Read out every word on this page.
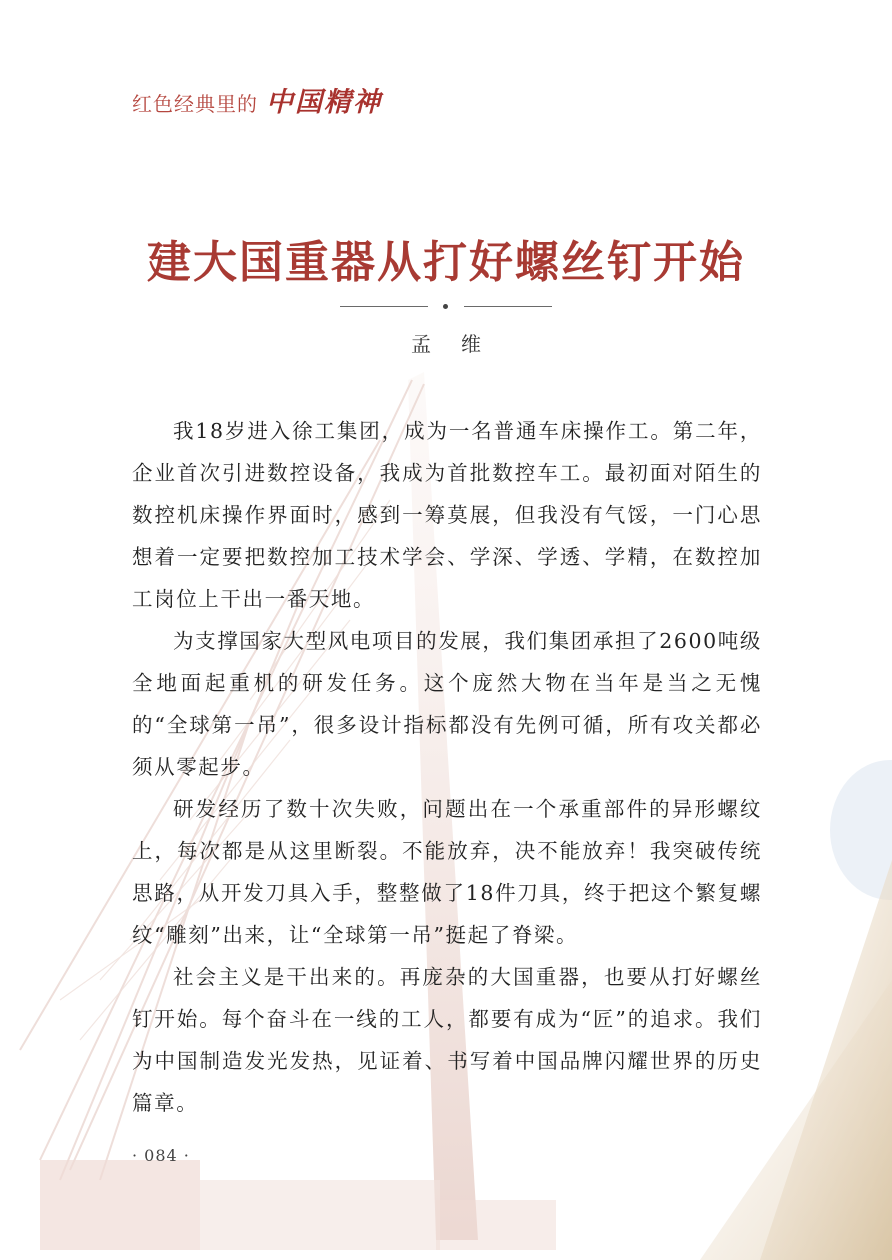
红色经典里的 中国精神
建大国重器从打好螺丝钉开始
孟维

我18岁进入徐工集团，成为一名普通车床操作工。第二年，企业首次引进数控设备，我成为首批数控车工。最初面对陌生的数控机床操作界面时，感到一筹莫展，但我没有气馁，一门心思想着一定要把数控加工技术学会、学深、学透、学精，在数控加工岗位上干出一番天地。

为支撑国家大型风电项目的发展，我们集团承担了2600吨级全地面起重机的研发任务。这个庞然大物在当年是当之无愧的“全球第一吊”，很多设计指标都没有先例可循，所有攻关都必须从零起步。

研发经历了数十次失败，问题出在一个承重部件的异形螺纹上，每次都是从这里断裂。不能放弃，决不能放弃！我突破传统思路，从开发刀具入手，整整做了18件刀具，终于把这个繁复螺纹“雕刻”出来，让“全球第一吊”挺起了脊梁。

社会主义是干出来的。再庞杂的大国重器，也要从打好螺丝钉开始。每个奋斗在一线的工人，都要有成为“匠”的追求。我们为中国制造发光发热，见证着、书写着中国品牌闪耀世界的历史篇章。

· 084 ·
